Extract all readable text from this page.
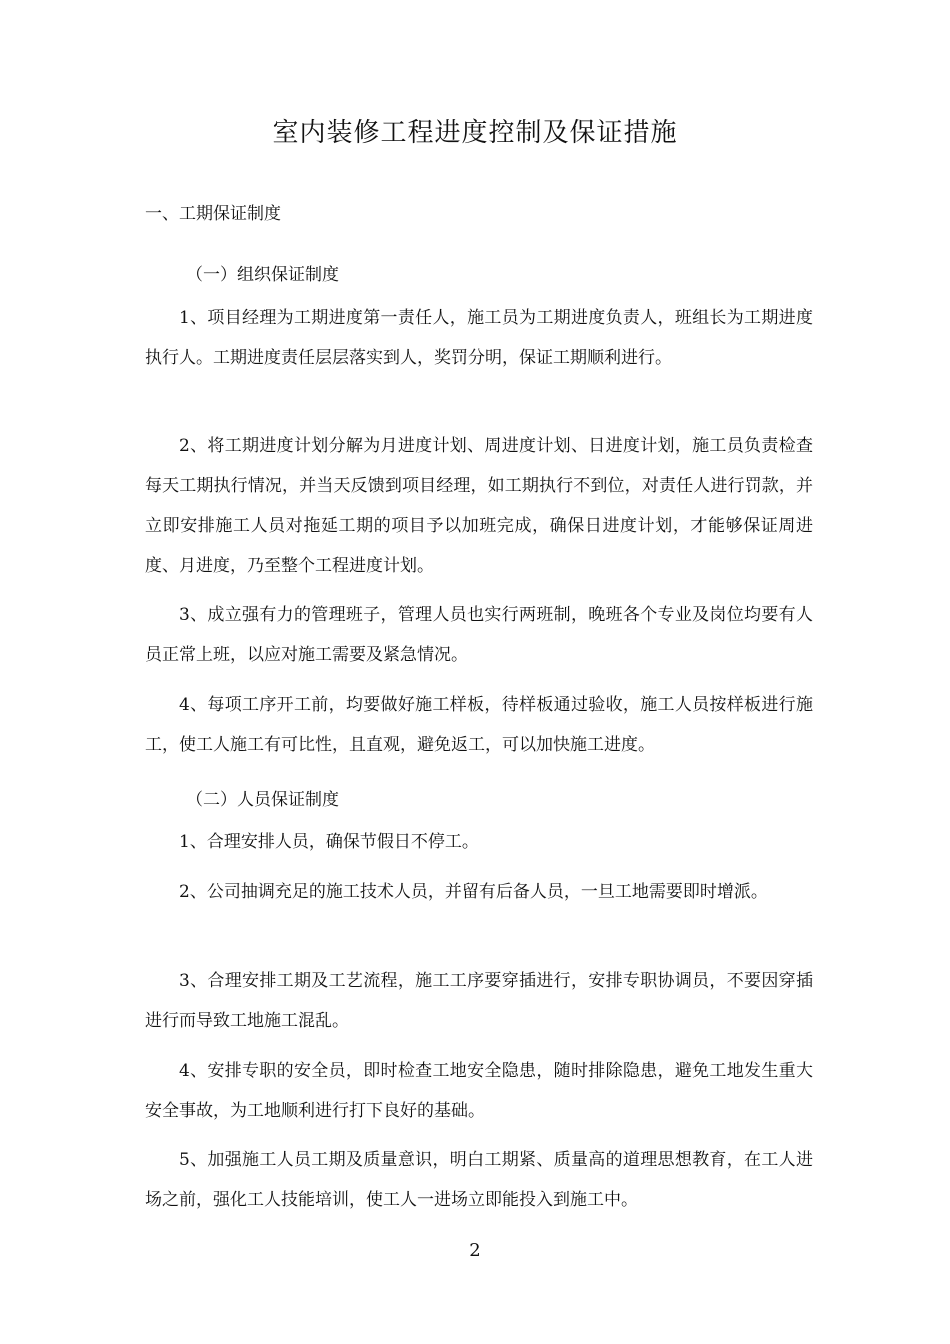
室内装修工程进度控制及保证措施
一、工期保证制度
（一）组织保证制度

1、项目经理为工期进度第一责任人，施工员为工期进度负责人，班组长为工期进度执行人。工期进度责任层层落实到人，奖罚分明，保证工期顺利进行。

2、将工期进度计划分解为月进度计划、周进度计划、日进度计划，施工员负责检查每天工期执行情况，并当天反馈到项目经理，如工期执行不到位，对责任人进行罚款，并立即安排施工人员对拖延工期的项目予以加班完成，确保日进度计划，才能够保证周进度、月进度，乃至整个工程进度计划。

3、成立强有力的管理班子，管理人员也实行两班制，晚班各个专业及岗位均要有人员正常上班，以应对施工需要及紧急情况。

4、每项工序开工前，均要做好施工样板，待样板通过验收，施工人员按样板进行施工，使工人施工有可比性，且直观，避免返工，可以加快施工进度。

（二）人员保证制度

1、合理安排人员，确保节假日不停工。

2、公司抽调充足的施工技术人员，并留有后备人员，一旦工地需要即时增派。

3、合理安排工期及工艺流程，施工工序要穿插进行，安排专职协调员，不要因穿插进行而导致工地施工混乱。

4、安排专职的安全员，即时检查工地安全隐患，随时排除隐患，避免工地发生重大安全事故，为工地顺利进行打下良好的基础。

5、加强施工人员工期及质量意识，明白工期紧、质量高的道理思想教育，在工人进场之前，强化工人技能培训，使工人一进场立即能投入到施工中。

2
